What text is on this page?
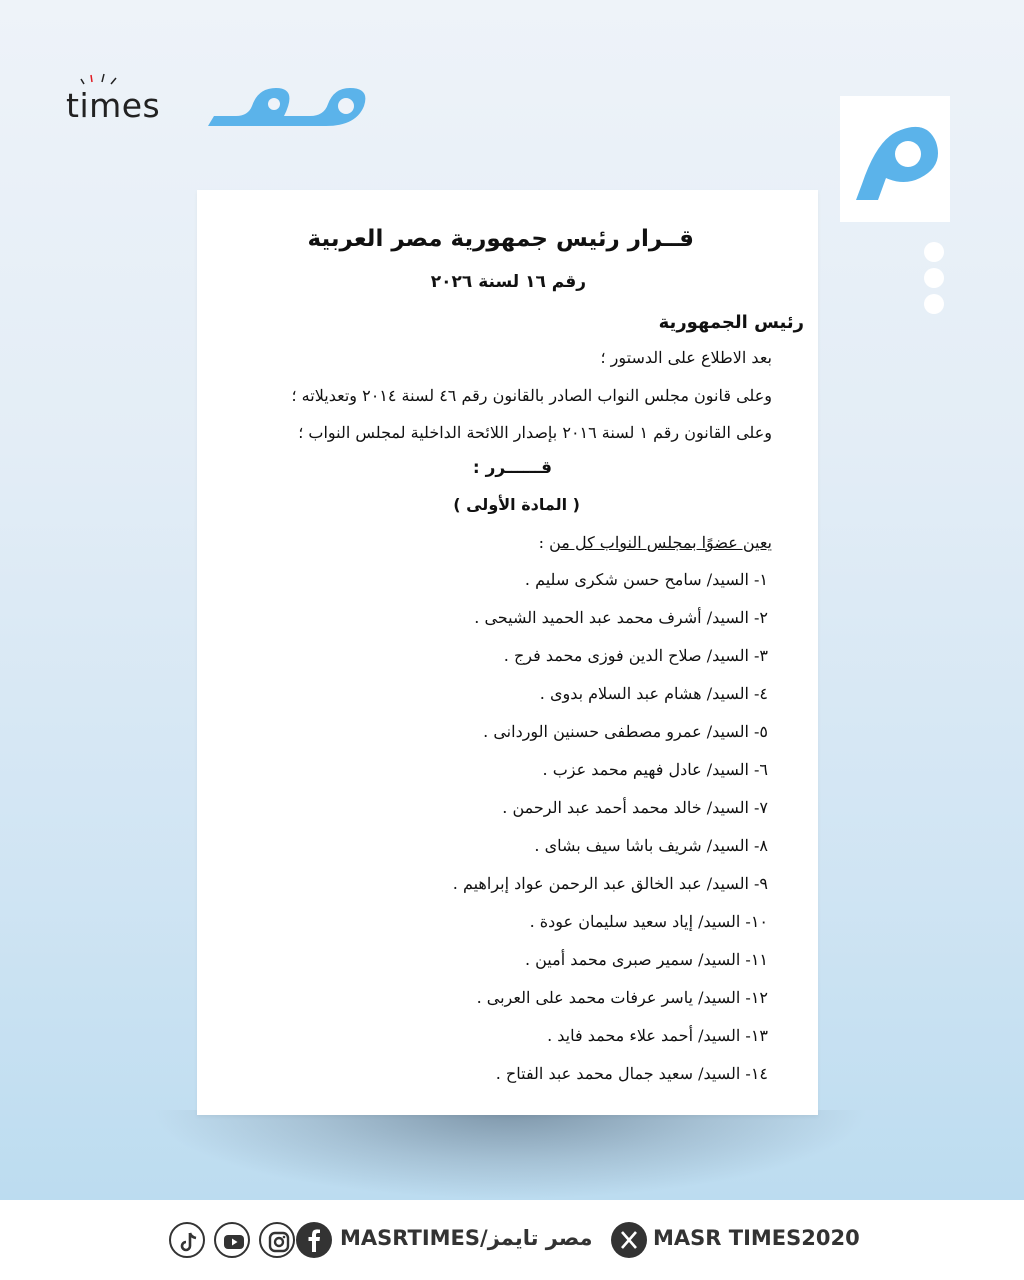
times
قــرار رئيس جمهورية مصر العربية
رقم ١٦ لسنة ٢٠٢٦
رئيس الجمهورية
بعد الاطلاع على الدستور ؛
وعلى قانون مجلس النواب الصادر بالقانون رقم ٤٦ لسنة ٢٠١٤ وتعديلاته ؛
وعلى القانون رقم ١ لسنة ٢٠١٦ بإصدار اللائحة الداخلية لمجلس النواب ؛
قــــــرر :
( المادة الأولى )
يعين عضوًا بمجلس النواب كل من :
١- السيد/ سامح حسن شكرى سليم .
٢- السيد/ أشرف محمد عبد الحميد الشيحى .
٣- السيد/ صلاح الدين فوزى محمد فرج .
٤- السيد/ هشام عبد السلام بدوى .
٥- السيد/ عمرو مصطفى حسنين الوردانى .
٦- السيد/ عادل فهيم محمد عزب .
٧- السيد/ خالد محمد أحمد عبد الرحمن .
٨- السيد/ شريف باشا سيف بشاى .
٩- السيد/ عبد الخالق عبد الرحمن عواد إبراهيم .
١٠- السيد/ إياد سعيد سليمان عودة .
١١- السيد/ سمير صبرى محمد أمين .
١٢- السيد/ ياسر عرفات محمد على العربى .
١٣- السيد/ أحمد علاء محمد فايد .
١٤- السيد/ سعيد جمال محمد عبد الفتاح .
MASRTIMES/مصر تايمز	MASR TIMES2020
